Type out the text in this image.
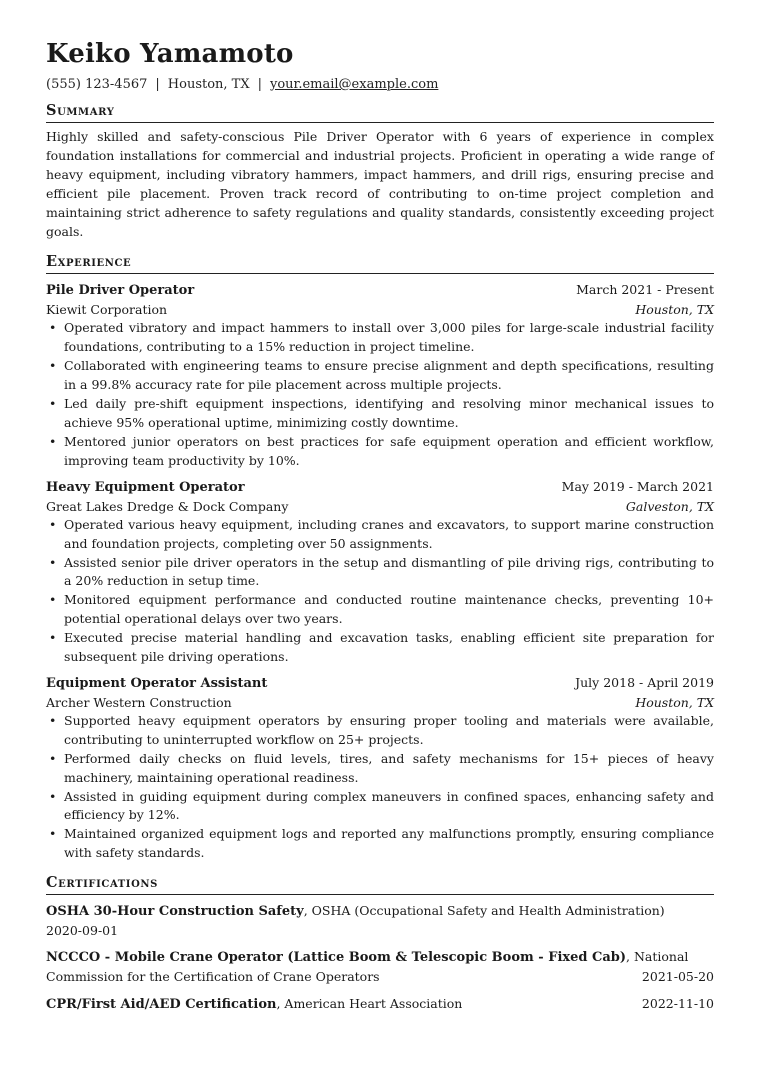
Keiko Yamamoto
(555) 123-4567 | Houston, TX | your.email@example.com
Summary
Highly skilled and safety-conscious Pile Driver Operator with 6 years of experience in complex foundation installations for commercial and industrial projects. Proficient in operating a wide range of heavy equipment, including vibratory hammers, impact hammers, and drill rigs, ensuring precise and efficient pile placement. Proven track record of contributing to on-time project completion and maintaining strict adherence to safety regulations and quality standards, consistently exceeding project goals.
Experience
Pile Driver Operator	March 2021 - Present
Kiewit Corporation	Houston, TX
• Operated vibratory and impact hammers to install over 3,000 piles for large-scale industrial facility foundations, contributing to a 15% reduction in project timeline.
• Collaborated with engineering teams to ensure precise alignment and depth specifications, resulting in a 99.8% accuracy rate for pile placement across multiple projects.
• Led daily pre-shift equipment inspections, identifying and resolving minor mechanical issues to achieve 95% operational uptime, minimizing costly downtime.
• Mentored junior operators on best practices for safe equipment operation and efficient workflow, improving team productivity by 10%.
Heavy Equipment Operator	May 2019 - March 2021
Great Lakes Dredge & Dock Company	Galveston, TX
• Operated various heavy equipment, including cranes and excavators, to support marine construction and foundation projects, completing over 50 assignments.
• Assisted senior pile driver operators in the setup and dismantling of pile driving rigs, contributing to a 20% reduction in setup time.
• Monitored equipment performance and conducted routine maintenance checks, preventing 10+ potential operational delays over two years.
• Executed precise material handling and excavation tasks, enabling efficient site preparation for subsequent pile driving operations.
Equipment Operator Assistant	July 2018 - April 2019
Archer Western Construction	Houston, TX
• Supported heavy equipment operators by ensuring proper tooling and materials were available, contributing to uninterrupted workflow on 25+ projects.
• Performed daily checks on fluid levels, tires, and safety mechanisms for 15+ pieces of heavy machinery, maintaining operational readiness.
• Assisted in guiding equipment during complex maneuvers in confined spaces, enhancing safety and efficiency by 12%.
• Maintained organized equipment logs and reported any malfunctions promptly, ensuring compliance with safety standards.
Certifications
OSHA 30-Hour Construction Safety, OSHA (Occupational Safety and Health Administration)
2020-09-01
NCCCO - Mobile Crane Operator (Lattice Boom & Telescopic Boom - Fixed Cab), National
Commission for the Certification of Crane Operators	2021-05-20
CPR/First Aid/AED Certification, American Heart Association	2022-11-10
